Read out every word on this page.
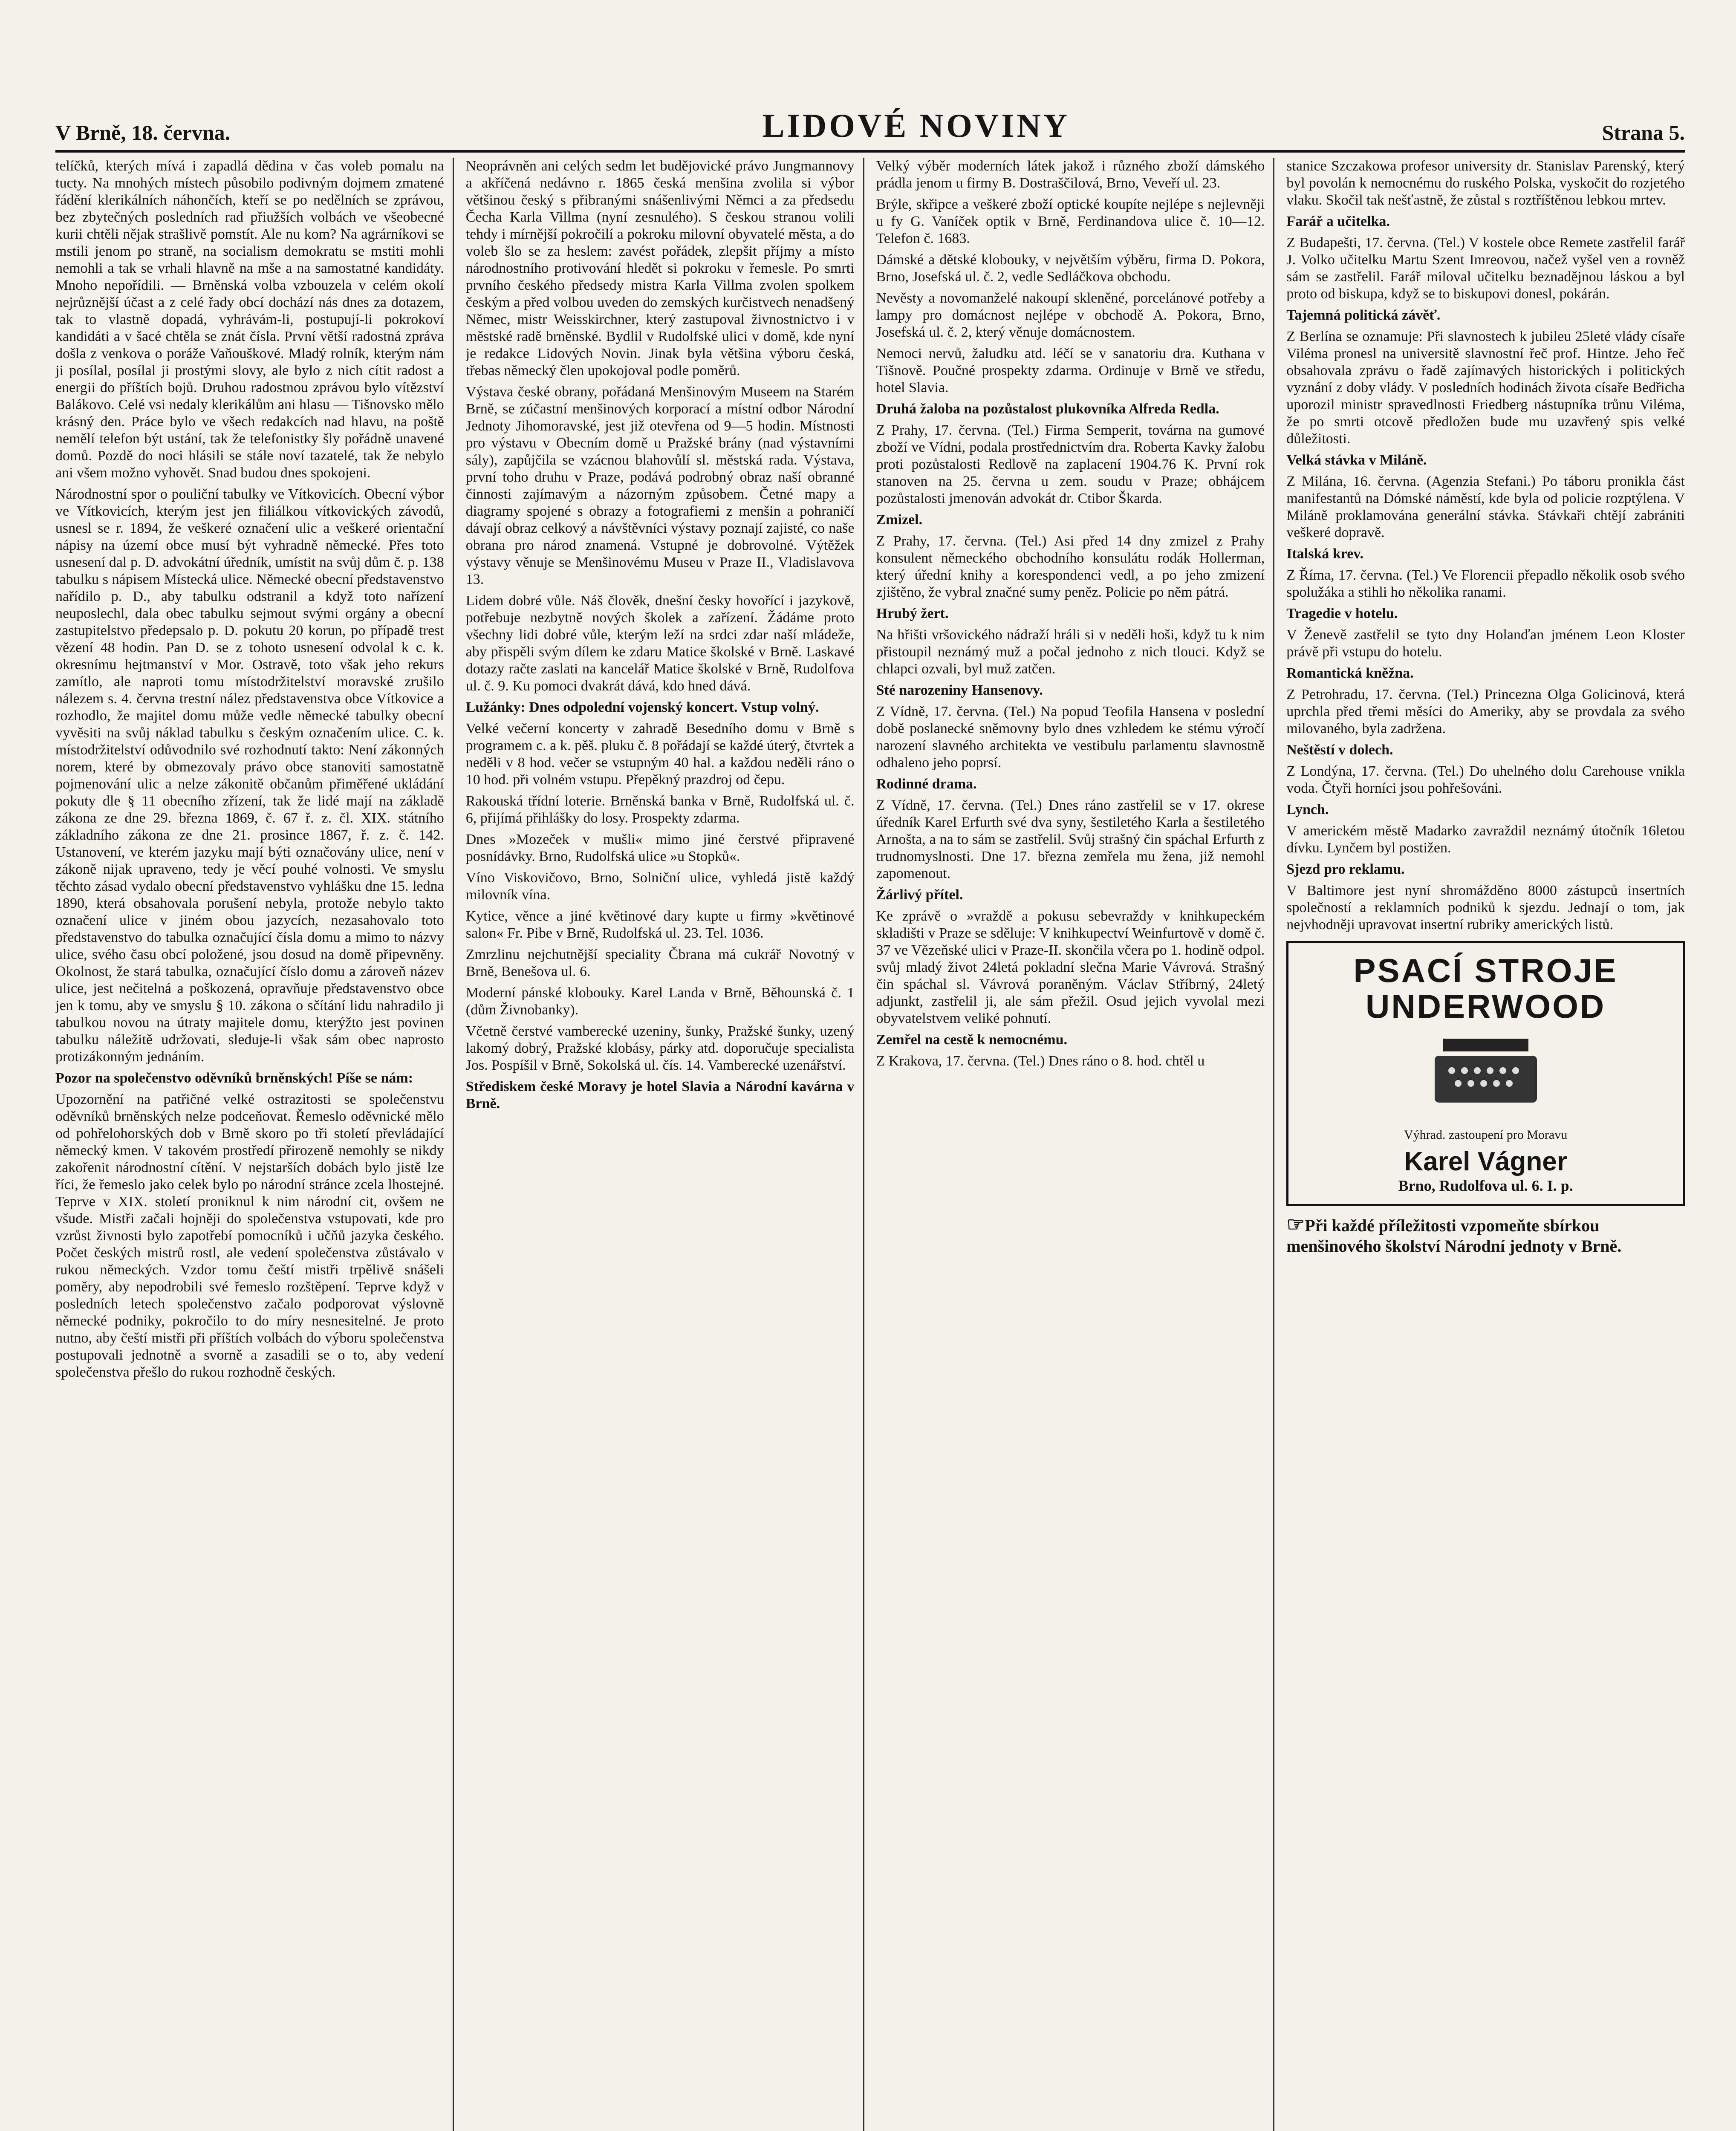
V Brně, 18. června.	LIDOVÉ NOVINY	Strana 5.

telíčků, kterých mívá i zapadlá dědina v čas voleb pomalu na tucty. Na mnohých místech působilo podivným dojmem zmatené řádění klerikálních náhončích, kteří se po nedělních se zprávou, bez zbytečných posledních rad přiužších volbách ve všeobecné kurii chtěli nějak strašlivě pomstít. Ale nu kom? Na agrárníkovi se mstili jenom po straně, na socialism demokratu se mstiti mohli nemohli a tak se vrhali hlavně na mše a na samostatné kandidáty. Mnoho nepořídili. — Brněnská volba vzbouzela v celém okolí nejrůznější účast a z celé řady obcí dochází nás dnes za dotazem, tak to vlastně dopadá, vyhrávám-li, postupují-li pokrokoví kandidáti a v šacé chtěla se znát čísla. První větší radostná zpráva došla z venkova o poráže Vaňouškové. Mladý rolník, kterým nám ji posílal, posílal ji prostými slovy, ale bylo z nich cítit radost a energii do příštích bojů. Druhou radostnou zprávou bylo vítězství Balákovo. Celé vsi nedaly klerikálům ani hlasu — Tišnovsko mělo krásný den. Práce bylo ve všech redakcích nad hlavu, na poště nemělí telefon být ustání, tak že telefonistky šly pořádně unavené domů. Pozdě do noci hlásili se stále noví tazatelé, tak že nebylo ani všem možno vyhovět. Snad budou dnes spokojeni.

Národnostní spor o pouliční tabulky ve Vítkovicích. Obecní výbor ve Vítkovicích, kterým jest jen filiálkou vítkovických závodů, usnesl se r. 1894, že veškeré označení ulic a veškeré orientační nápisy na území obce musí být vyhradně německé. Přes toto usnesení dal p. D. advokátní úředník, umístit na svůj dům č. p. 138 tabulku s nápisem Místecká ulice. Německé obecní představenstvo nařídilo p. D., aby tabulku odstranil a když toto nařízení neuposlechl, dala obec tabulku sejmout svými orgány a obecní zastupitelstvo předepsalo p. D. pokutu 20 korun, po případě trest vězení 48 hodin. Pan D. se z tohoto usnesení odvolal k c. k. okresnímu hejtmanství v Mor. Ostravě, toto však jeho rekurs zamítlo, ale naproti tomu místodržitelství moravské zrušilo nálezem s. 4. června trestní nález představenstva obce Vítkovice a rozhodlo, že majitel domu může vedle německé tabulky obecní vyvěsiti na svůj náklad tabulku s českým označením ulice. C. k. místodržitelství odůvodnilo své rozhodnutí takto: Není zákonných norem, které by obmezovaly právo obce stanoviti samostatně pojmenování ulic a nelze zákonitě občanům přiměřené ukládání pokuty dle § 11 obecního zřízení, tak že lidé mají na základě zákona ze dne 29. března 1869, č. 67 ř. z. čl. XIX. státního základního zákona ze dne 21. prosince 1867, ř. z. č. 142. Ustanovení, ve kterém jazyku mají býti označovány ulice, není v zákoně nijak upraveno, tedy je věcí pouhé volnosti. Ve smyslu těchto zásad vydalo obecní představenstvo vyhlášku dne 15. ledna 1890, která obsahovala porušení nebyla, protože nebylo takto označení ulice v jiném obou jazycích, nezasahovalo toto představenstvo do tabulka označující čísla domu a mimo to názvy ulice, svého času obcí položené, jsou dosud na domě připevněny. Okolnost, že stará tabulka, označující číslo domu a zároveň název ulice, jest nečitelná a poškozená, opravňuje představenstvo obce jen k tomu, aby ve smyslu § 10. zákona o sčítání lidu nahradilo ji tabulkou novou na útraty majitele domu, kterýžto jest povinen tabulku náležitě udržovati, sleduje-li však sám obec naprosto protizákonným jednáním.

Pozor na společenstvo oděvníků brněnských! Píše se nám:

Upozornění na patřičné velké ostrazitosti se společenstvu oděvníků brněnských nelze podceňovat. Řemeslo oděvnické mělo od pohřelohorských dob v Brně skoro po tři století převládající německý kmen. V takovém prostředí přirozeně nemohly se nikdy zakořenit národnostní cítění. V nejstarších dobách bylo jistě lze říci, že řemeslo jako celek bylo po národní stránce zcela lhostejné. Teprve v XIX. století proniknul k nim národní cit, ovšem ne všude. Mistři začali hojněji do společenstva vstupovati, kde pro vzrůst živnosti bylo zapotřebí pomocníků i učňů jazyka českého. Počet českých mistrů rostl, ale vedení společenstva zůstávalo v rukou německých. Vzdor tomu čeští mistři trpělivě snášeli poměry, aby nepodrobili své řemeslo rozštěpení. Teprve když v posledních letech společenstvo začalo podporovat výslovně německé podniky, pokročilo to do míry nesnesitelné. Je proto nutno, aby čeští mistři při příštích volbách do výboru společenstva postupovali jednotně a svorně a zasadili se o to, aby vedení společenstva přešlo do rukou rozhodně českých.

Neoprávněn ani celých sedm let budějovické právo Jungmannovy a akříčená nedávno r. 1865 česká menšina zvolila si výbor většinou český s přibranými snášenlivými Němci a za předsedu Čecha Karla Villma (nyní zesnulého). S českou stranou volili tehdy i mírnější pokročilí a pokroku milovní obyvatelé města, a do voleb šlo se za heslem: zavést pořádek, zlepšit příjmy a místo národnostního protivování hledět si pokroku v řemesle. Po smrti prvního českého předsedy mistra Karla Villma zvolen spolkem českým a před volbou uveden do zemských kurčistvech nenadšený Němec, mistr Weisskirchner, který zastupoval živnostnictvo i v městské radě brněnské. Bydlil v Rudolfské ulici v domě, kde nyní je redakce Lidových Novin. Jinak byla většina výboru česká, třebas německý člen upokojoval podle poměrů.

Výstava české obrany, pořádaná Menšinovým Museem na Starém Brně, se zúčastní menšinových korporací a místní odbor Národní Jednoty Jihomoravské, jest již otevřena od 9—5 hodin. Místnosti pro výstavu v Obecním domě u Pražské brány (nad výstavními sály), zapůjčila se vzácnou blahovůlí sl. městská rada. Výstava, první toho druhu v Praze, podává podrobný obraz naší obranné činnosti zajímavým a názorným způsobem. Četné mapy a diagramy spojené s obrazy a fotografiemi z menšin a pohraničí dávají obraz celkový a návštěvníci výstavy poznají zajisté, co naše obrana pro národ znamená. Vstupné je dobrovolné. Výtěžek výstavy věnuje se Menšinovému Museu v Praze II., Vladislavova 13.

Lidem dobré vůle. Náš člověk, dnešní česky hovořící i jazykově, potřebuje nezbytně nových školek a zařízení. Žádáme proto všechny lidi dobré vůle, kterým leží na srdci zdar naší mládeže, aby přispěli svým dílem ke zdaru Matice školské v Brně. Laskavé dotazy račte zaslati na kancelář Matice školské v Brně, Rudolfova ul. č. 9. Ku pomoci dvakrát dává, kdo hned dává.

Lužánky: Dnes odpolední vojenský koncert. Vstup volný.

Velké večerní koncerty v zahradě Besedního domu v Brně s programem c. a k. pěš. pluku č. 8 pořádají se každé úterý, čtvrtek a neděli v 8 hod. večer se vstupným 40 hal. a každou neděli ráno o 10 hod. při volném vstupu. Přepěkný prazdroj od čepu.

Rakouská třídní loterie. Brněnská banka v Brně, Rudolfská ul. č. 6, přijímá přihlášky do losy. Prospekty zdarma.

Dnes »Mozeček v mušli« mimo jiné čerstvé připravené posnídávky. Brno, Rudolfská ulice »u Stopků«.

Víno Viskovičovo, Brno, Solniční ulice, vyhledá jistě každý milovník vína.

Kytice, věnce a jiné květinové dary kupte u firmy »květinové salon« Fr. Pibe v Brně, Rudolfská ul. 23. Tel. 1036.

Zmrzlinu nejchutnější speciality Čbrana má cukrář Novotný v Brně, Benešova ul. 6.

Moderní pánské klobouky. Karel Landa v Brně, Běhounská č. 1 (dům Živnobanky).

Včetně čerstvé vamberecké uzeniny, šunky, Pražské šunky, uzený lakomý dobrý, Pražské klobásy, párky atd. doporučuje specialista Jos. Pospíšil v Brně, Sokolská ul. čís. 14. Vamberecké uzenářství.

Střediskem české Moravy je hotel Slavia a Národní kavárna v Brně.

Velký výběr moderních látek jakož i různého zboží dámského prádla jenom u firmy B. Dostraščilová, Brno, Veveří ul. 23.

Brýle, skřipce a veškeré zboží optické koupíte nejlépe s nejlevněji u fy G. Vaníček optik v Brně, Ferdinandova ulice č. 10—12. Telefon č. 1683.

Dámské a dětské klobouky, v největším výběru, firma D. Pokora, Brno, Josefská ul. č. 2, vedle Sedláčkova obchodu.

Nevěsty a novomanželé nakoupí skleněné, porcelánové potřeby a lampy pro domácnost nejlépe v obchodě A. Pokora, Brno, Josefská ul. č. 2, který věnuje domácnostem.

Nemoci nervů, žaludku atd. léčí se v sanatoriu dra. Kuthana v Tišnově. Poučné prospekty zdarma. Ordinuje v Brně ve středu, hotel Slavia.

Druhá žaloba na pozůstalost plukovníka Alfreda Redla.

Z Prahy, 17. června. (Tel.) Firma Semperit, továrna na gumové zboží ve Vídni, podala prostřednictvím dra. Roberta Kavky žalobu proti pozůstalosti Redlově na zaplacení 1904.76 K. První rok stanoven na 25. června u zem. soudu v Praze; obhájcem pozůstalosti jmenován advokát dr. Ctibor Škarda.

Zmizel.

Z Prahy, 17. června. (Tel.) Asi před 14 dny zmizel z Prahy konsulent německého obchodního konsulátu rodák Hollerman, který úřední knihy a korespondenci vedl, a po jeho zmizení zjištěno, že vybral značné sumy peněz. Policie po něm pátrá.

Hrubý žert.

Na hřišti vršovického nádraží hráli si v neděli hoši, když tu k nim přistoupil neznámý muž a počal jednoho z nich tlouci. Když se chlapci ozvali, byl muž zatčen.

Sté narozeniny Hansenovy.

Z Vídně, 17. června. (Tel.) Na popud Teofila Hansena v poslední době poslanecké sněmovny bylo dnes vzhledem ke stému výročí narození slavného architekta ve vestibulu parlamentu slavnostně odhaleno jeho poprsí.

Rodinné drama.

Z Vídně, 17. června. (Tel.) Dnes ráno zastřelil se v 17. okrese úředník Karel Erfurth své dva syny, šestiletého Karla a šestiletého Arnošta, a na to sám se zastřelil. Svůj strašný čin spáchal Erfurth z trudnomyslnosti. Dne 17. března zemřela mu žena, již nemohl zapomenout.

Žárlivý přítel.

Ke zprávě o »vraždě a pokusu sebevraždy v knihkupeckém skladišti v Praze se sděluje: V knihkupectví Weinfurtově v domě č. 37 ve Vězeňské ulici v Praze-II. skončila včera po 1. hodině odpol. svůj mladý život 24letá pokladní slečna Marie Vávrová. Strašný čin spáchal sl. Vávrová poraněným. Václav Stříbrný, 24letý adjunkt, zastřelil ji, ale sám přežil. Osud jejich vyvolal mezi obyvatelstvem veliké pohnutí.

Zemřel na cestě k nemocnému.

Z Krakova, 17. června. (Tel.) Dnes ráno o 8. hod. chtěl u

stanice Szczakowa profesor university dr. Stanislav Parenský, který byl povolán k nemocnému do ruského Polska, vyskočit do rozjetého vlaku. Skočil tak nešťastně, že zůstal s roztříštěnou lebkou mrtev.

Farář a učitelka.

Z Budapešti, 17. června. (Tel.) V kostele obce Remete zastřelil farář J. Volko učitelku Martu Szent Imreovou, načež vyšel ven a rovněž sám se zastřelil. Farář miloval učitelku beznadějnou láskou a byl proto od biskupa, když se to biskupovi donesl, pokárán.

Tajemná politická závěť.

Z Berlína se oznamuje: Při slavnostech k jubileu 25leté vlády císaře Viléma pronesl na universitě slavnostní řeč prof. Hintze. Jeho řeč obsahovala zprávu o řadě zajímavých historických i politických vyznání z doby vlády. V posledních hodinách života císaře Bedřicha uporozil ministr spravedlnosti Friedberg nástupníka trůnu Viléma, že po smrti otcově předložen bude mu uzavřený spis velké důležitosti.

Velká stávka v Miláně.

Z Milána, 16. června. (Agenzia Stefani.) Po táboru pronikla část manifestantů na Dómské náměstí, kde byla od policie rozptýlena. V Miláně proklamována generální stávka. Stávkaři chtějí zabrániti veškeré dopravě.

Italská krev.

Z Říma, 17. června. (Tel.) Ve Florencii přepadlo několik osob svého spolužáka a stihli ho několika ranami.

Tragedie v hotelu.

V Ženevě zastřelil se tyto dny Holanďan jménem Leon Kloster právě při vstupu do hotelu.

Romantická kněžna.

Z Petrohradu, 17. června. (Tel.) Princezna Olga Golicinová, která uprchla před třemi měsíci do Ameriky, aby se provdala za svého milovaného, byla zadržena.

Neštěstí v dolech.

Z Londýna, 17. června. (Tel.) Do uhelného dolu Carehouse vnikla voda. Čtyři horníci jsou pohřešováni.

Lynch.

V americkém městě Madarko zavraždil neznámý útočník 16letou dívku. Lynčem byl postižen.

Sjezd pro reklamu.

V Baltimore jest nyní shromážděno 8000 zástupců insertních společností a reklamních podniků k sjezdu. Jednají o tom, jak nejvhodněji upravovat insertní rubriky amerických listů.

PSACÍ STROJE
UNDERWOOD
Výhrad. zastoupení pro Moravu
Karel Vágner
Brno, Rudolfova ul. 6. I. p.
☞Při každé příležitosti vzpomeňte sbírkou menšinového školství Národní jednoty v Brně.
